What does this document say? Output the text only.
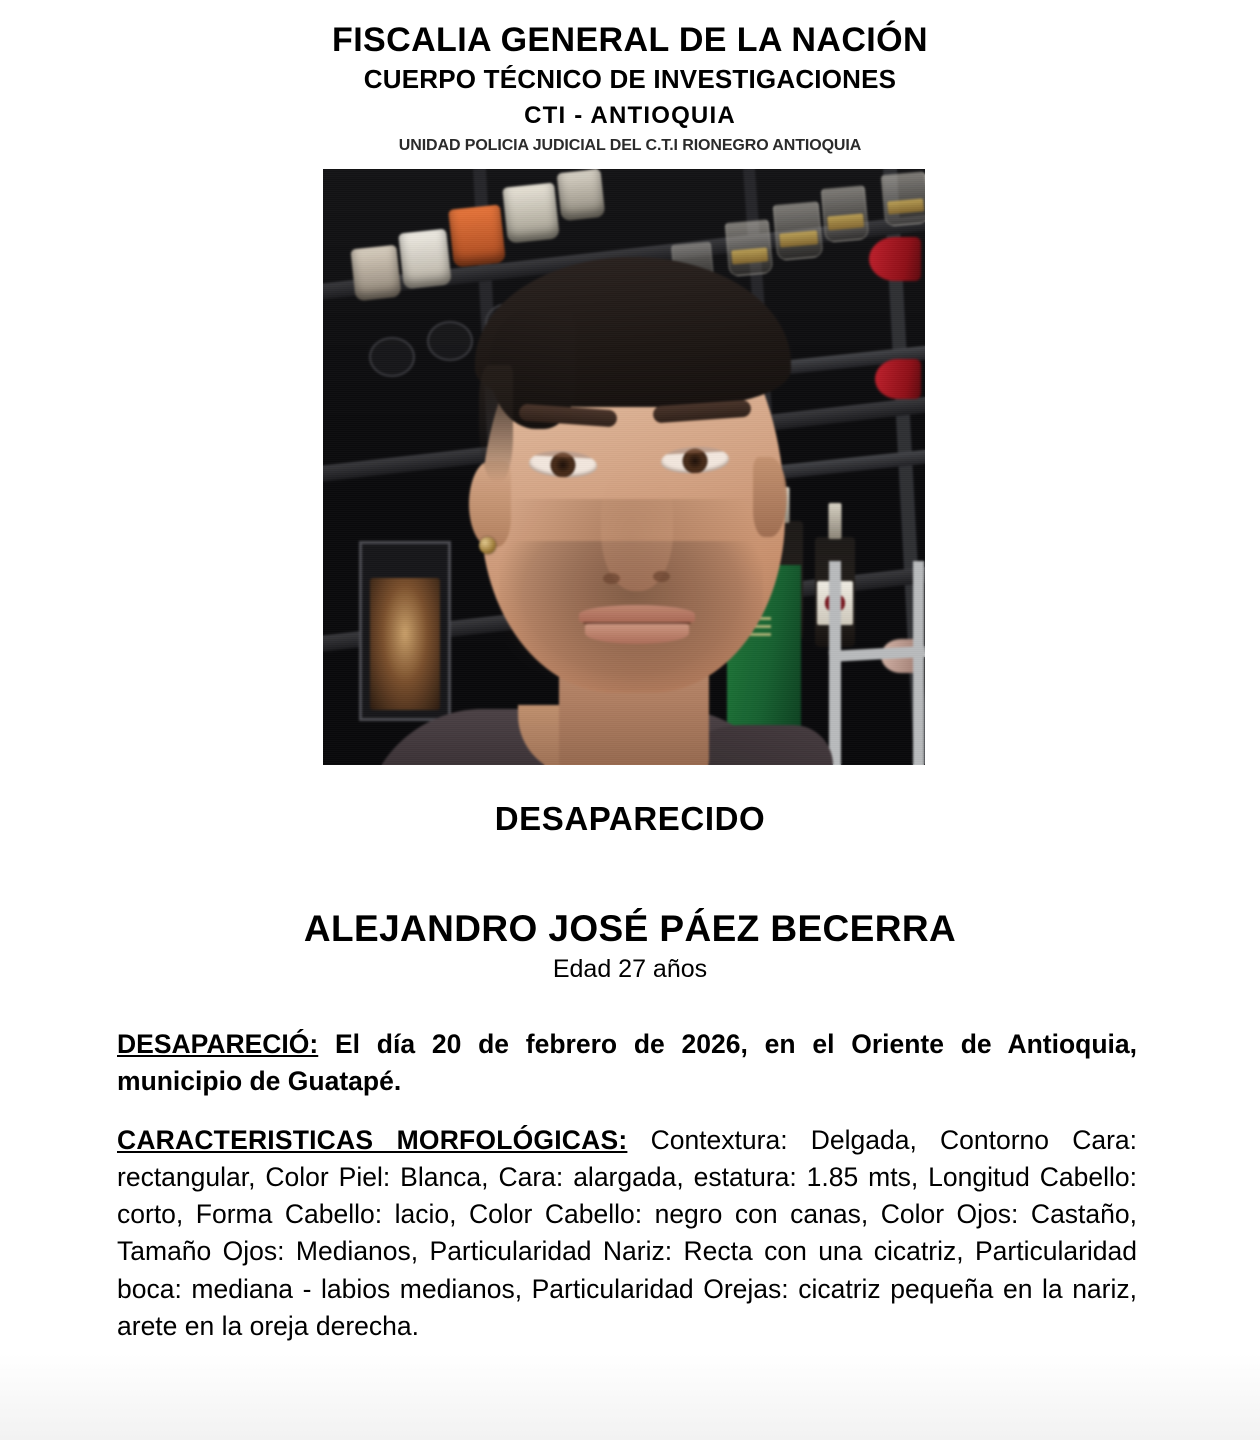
FISCALIA GENERAL DE LA NACIÓN
CUERPO TÉCNICO DE INVESTIGACIONES
CTI - ANTIOQUIA
UNIDAD POLICIA JUDICIAL DEL C.T.I RIONEGRO ANTIOQUIA
DESAPARECIDO
ALEJANDRO JOSÉ PÁEZ BECERRA
Edad 27 años

DESAPARECIÓ: El día 20 de febrero de 2026, en el Oriente de Antioquia, municipio de Guatapé.

CARACTERISTICAS MORFOLÓGICAS: Contextura: Delgada, Contorno Cara: rectangular, Color Piel: Blanca, Cara: alargada, estatura: 1.85 mts, Longitud Cabello: corto, Forma Cabello: lacio, Color Cabello: negro con canas, Color Ojos: Castaño, Tamaño Ojos: Medianos, Particularidad Nariz: Recta con una cicatriz, Particularidad boca: mediana - labios medianos, Particularidad Orejas: cicatriz pequeña en la nariz, arete en la oreja derecha.
